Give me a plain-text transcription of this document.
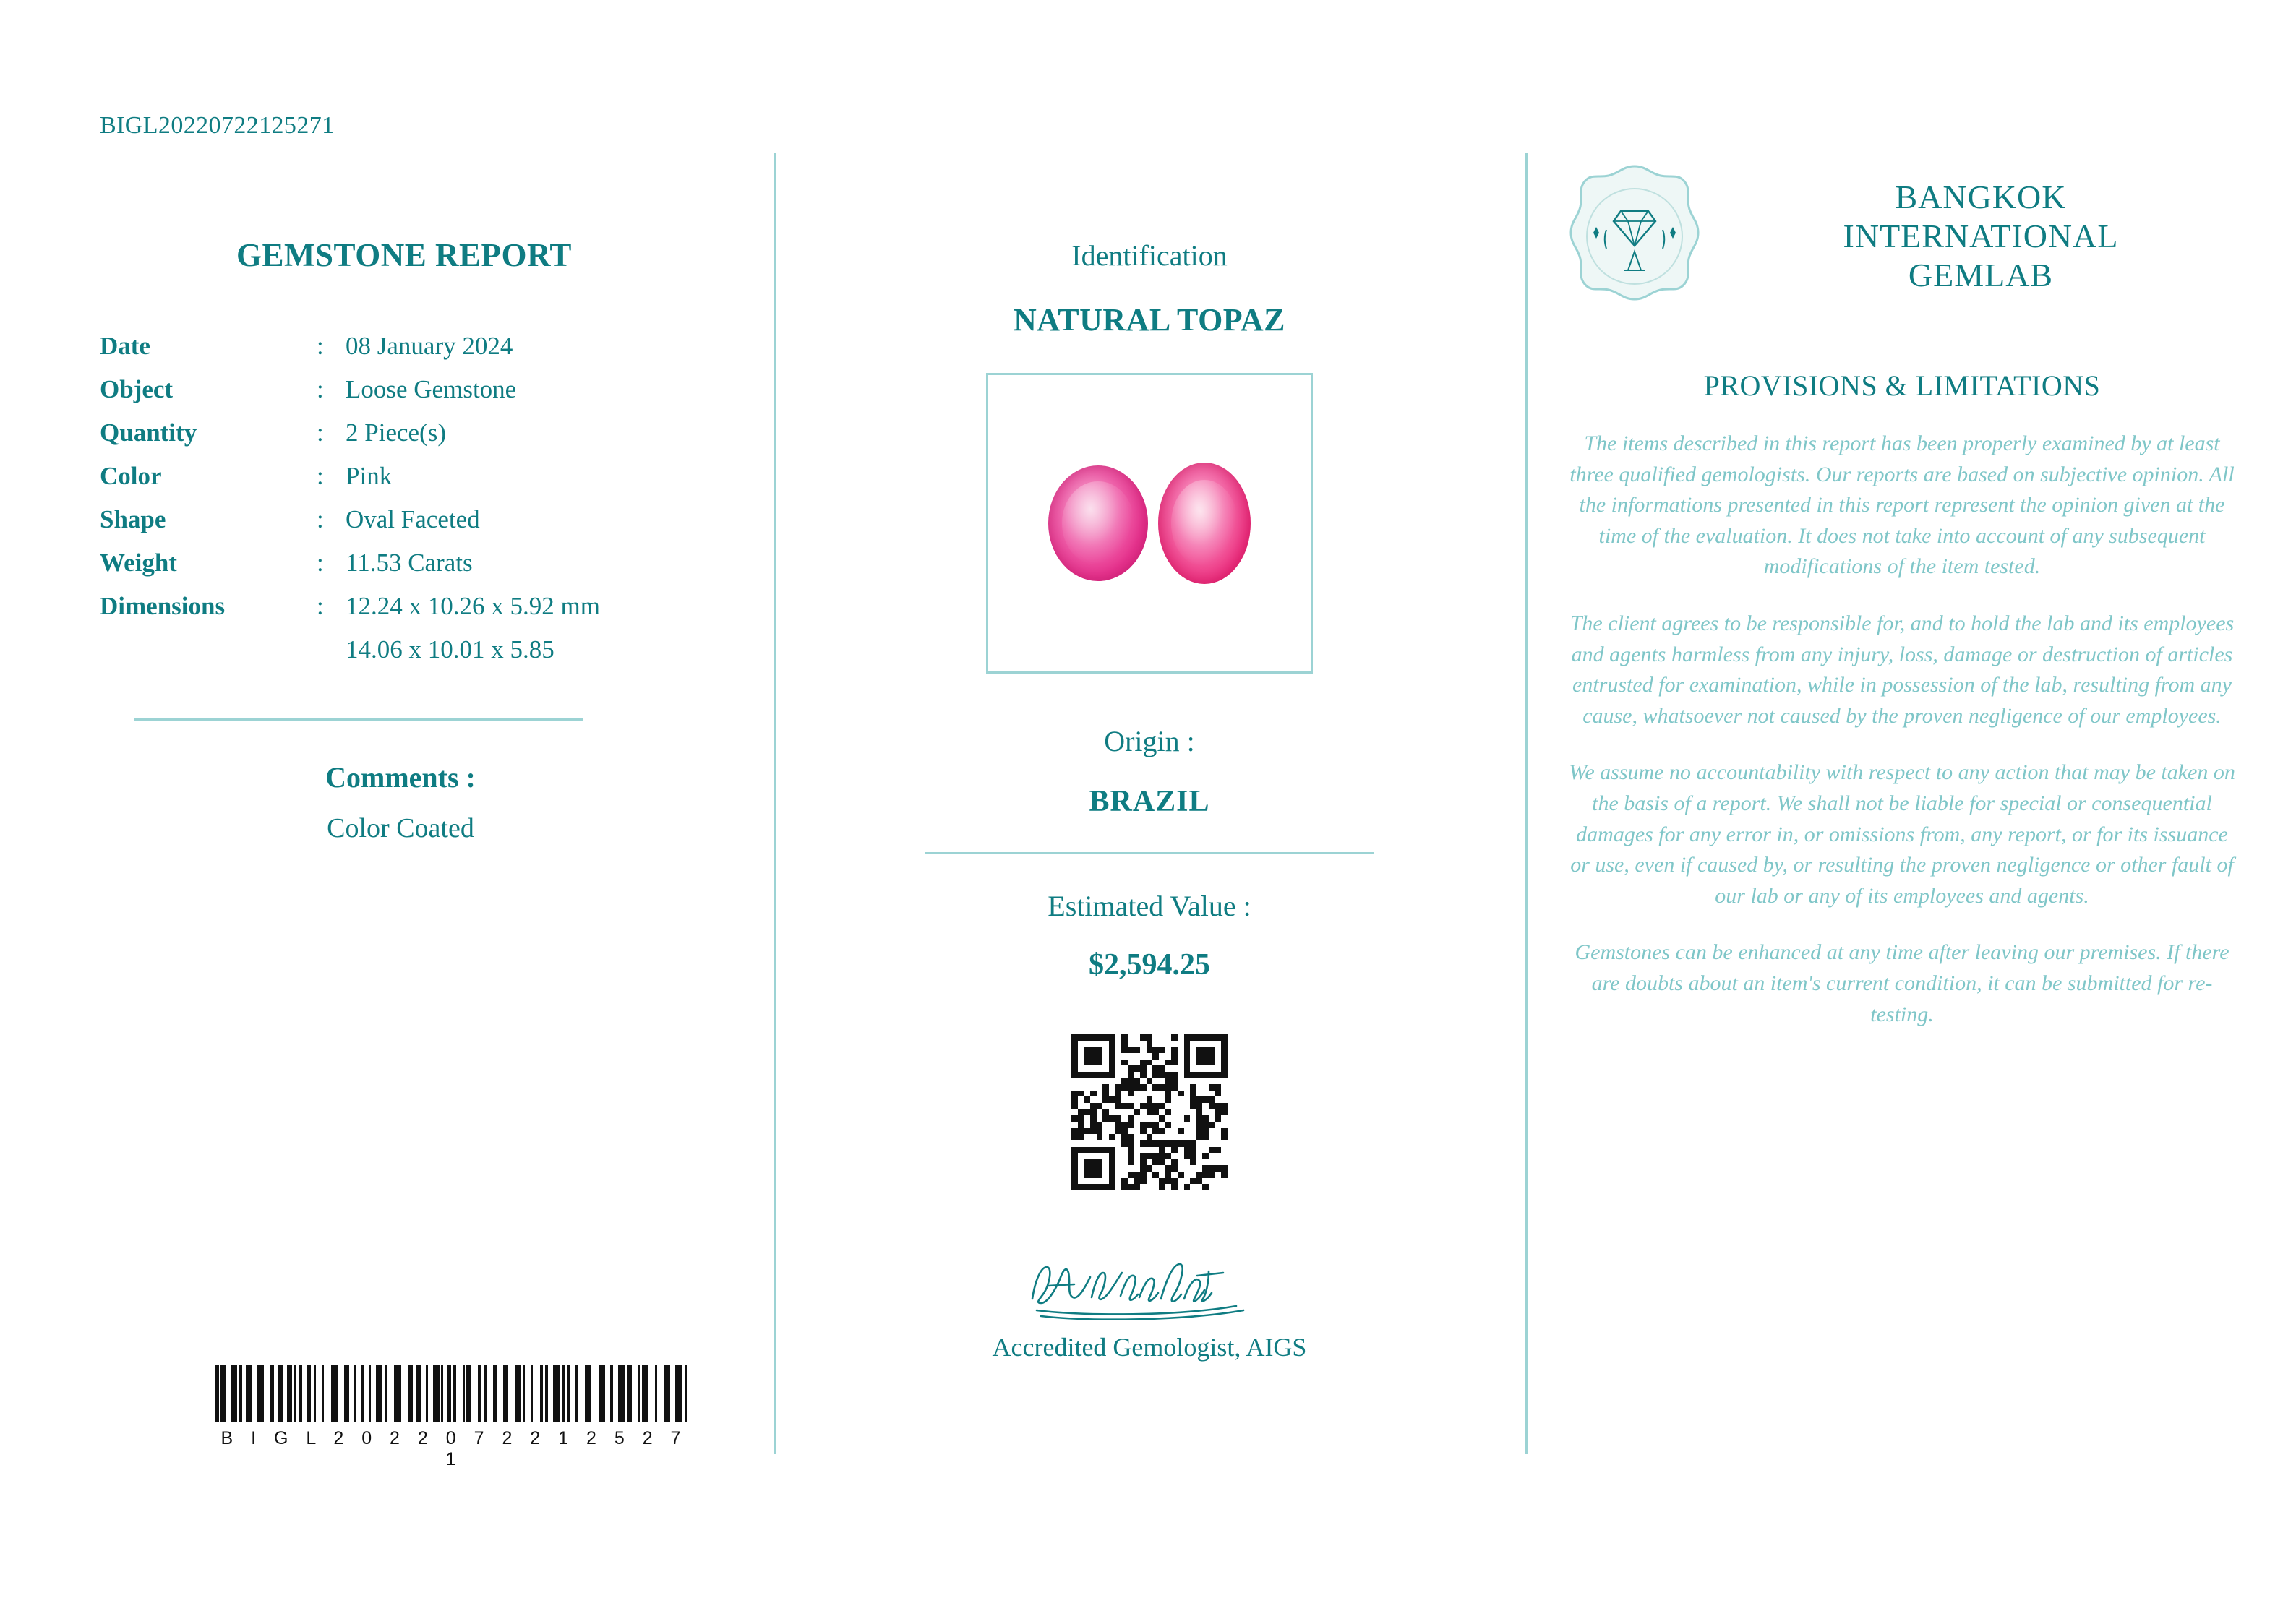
BIGL20220722125271
GEMSTONE REPORT
Date	:	08 January 2024
Object	:	Loose Gemstone
Quantity	:	2 Piece(s)
Color	:	Pink
Shape	:	Oval Faceted
Weight	:	11.53 Carats
Dimensions	:	12.24 x 10.26 x 5.92 mm
		14.06 x 10.01 x 5.85
Comments :
Color Coated
B I G L 2 0 2 2 0 7 2 2 1 2 5 2 7 1
Identification
NATURAL TOPAZ
Origin :
BRAZIL
Estimated Value :
$2,594.25
Accredited Gemologist, AIGS
BANGKOK
INTERNATIONAL
GEMLAB
PROVISIONS & LIMITATIONS
The items described in this report has been properly examined by at least three qualified gemologists. Our reports are based on subjective opinion. All the informations presented in this report represent the opinion given at the time of the evaluation. It does not take into account of any subsequent modifications of the item tested.
The client agrees to be responsible for, and to hold the lab and its employees and agents harmless from any injury, loss, damage or destruction of articles entrusted for examination, while in possession of the lab, resulting from any cause, whatsoever not caused by the proven negligence of our employees.
We assume no accountability with respect to any action that may be taken on the basis of a report. We shall not be liable for special or consequential damages for any error in, or omissions from, any report, or for its issuance or use, even if caused by, or resulting the proven negligence or other fault of our lab or any of its employees and agents.
Gemstones can be enhanced at any time after leaving our premises. If there are doubts about an item's current condition, it can be submitted for re-testing.
